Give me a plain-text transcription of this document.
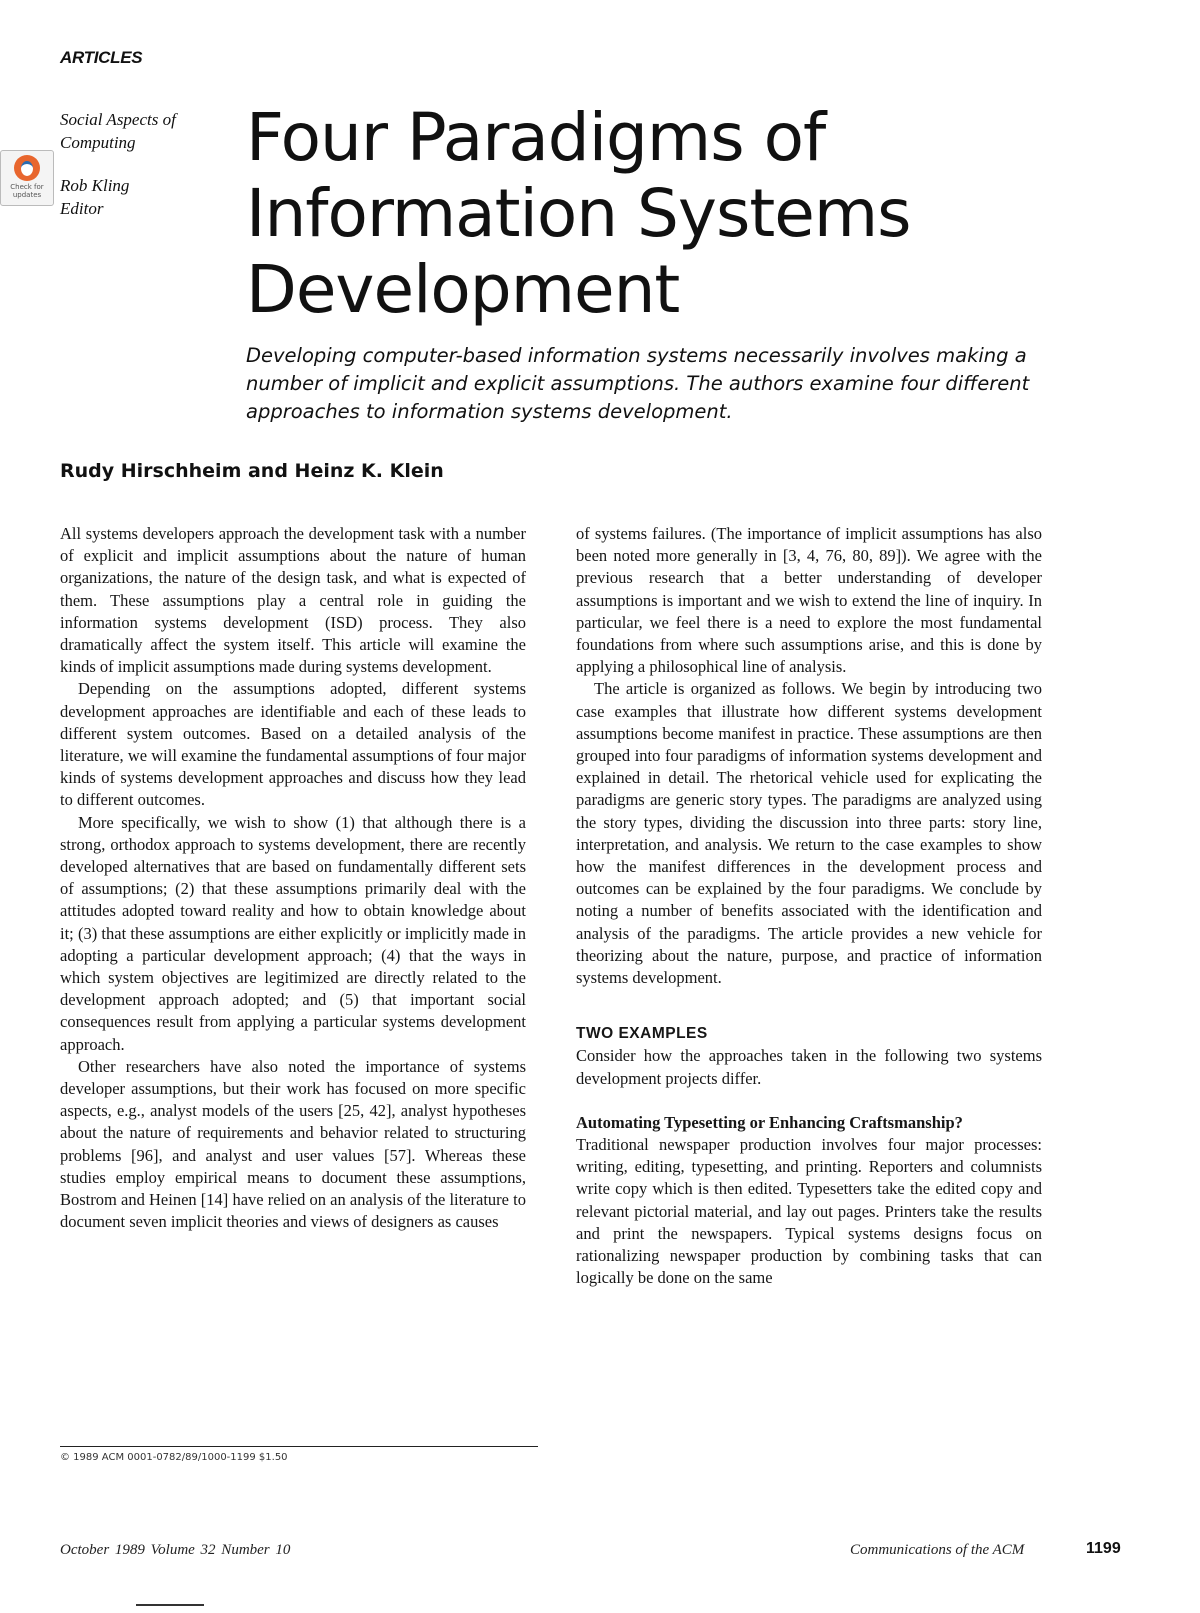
ARTICLES
Check for updates
Social Aspects of Computing
Rob Kling
Editor
Four Paradigms of
Information Systems
Development
Developing computer-based information systems necessarily involves making a number of implicit and explicit assumptions. The authors examine four different approaches to information systems development.
Rudy Hirschheim and Heinz K. Klein

All systems developers approach the development task with a number of explicit and implicit assumptions about the nature of human organizations, the nature of the design task, and what is expected of them. These assumptions play a central role in guiding the information systems development (ISD) process. They also dramatically affect the system itself. This article will examine the kinds of implicit assumptions made during systems development.

Depending on the assumptions adopted, different systems development approaches are identifiable and each of these leads to different system outcomes. Based on a detailed analysis of the literature, we will examine the fundamental assumptions of four major kinds of systems development approaches and discuss how they lead to different outcomes.

More specifically, we wish to show (1) that although there is a strong, orthodox approach to systems development, there are recently developed alternatives that are based on fundamentally different sets of assumptions; (2) that these assumptions primarily deal with the attitudes adopted toward reality and how to obtain knowledge about it; (3) that these assumptions are either explicitly or implicitly made in adopting a particular development approach; (4) that the ways in which system objectives are legitimized are directly related to the development approach adopted; and (5) that important social consequences result from applying a particular systems development approach.

Other researchers have also noted the importance of systems developer assumptions, but their work has focused on more specific aspects, e.g., analyst models of the users [25, 42], analyst hypotheses about the nature of requirements and behavior related to structuring problems [96], and analyst and user values [57]. Whereas these studies employ empirical means to document these assumptions, Bostrom and Heinen [14] have relied on an analysis of the literature to document seven implicit theories and views of designers as causes

of systems failures. (The importance of implicit assumptions has also been noted more generally in [3, 4, 76, 80, 89]). We agree with the previous research that a better understanding of developer assumptions is important and we wish to extend the line of inquiry. In particular, we feel there is a need to explore the most fundamental foundations from where such assumptions arise, and this is done by applying a philosophical line of analysis.

The article is organized as follows. We begin by introducing two case examples that illustrate how different systems development assumptions become manifest in practice. These assumptions are then grouped into four paradigms of information systems development and explained in detail. The rhetorical vehicle used for explicating the paradigms are generic story types. The paradigms are analyzed using the story types, dividing the discussion into three parts: story line, interpretation, and analysis. We return to the case examples to show how the manifest differences in the development process and outcomes can be explained by the four paradigms. We conclude by noting a number of benefits associated with the identification and analysis of the paradigms. The article provides a new vehicle for theorizing about the nature, purpose, and practice of information systems development.

TWO EXAMPLES

Consider how the approaches taken in the following two systems development projects differ.

Automating Typesetting or Enhancing Craftsmanship?

Traditional newspaper production involves four major processes: writing, editing, typesetting, and printing. Reporters and columnists write copy which is then edited. Typesetters take the edited copy and relevant pictorial material, and lay out pages. Printers take the results and print the newspapers. Typical systems designs focus on rationalizing newspaper production by combining tasks that can logically be done on the same

© 1989 ACM 0001-0782/89/1000-1199 $1.50
October 1989 Volume 32 Number 10	Communications of the ACM	1199
